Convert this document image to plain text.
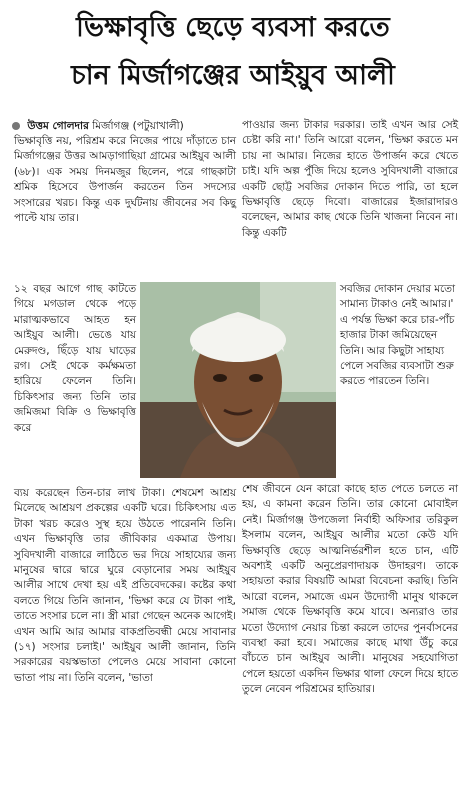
ভিক্ষাবৃত্তি ছেড়ে ব্যবসা করতে
চান মির্জাগঞ্জের আইয়ুব আলী
উত্তম গোলদার মির্জাগঞ্জ (পটুয়াখালী)

ভিক্ষাবৃত্তি নয়, পরিশ্রম করে নিজের পায়ে দাঁড়াতে চান মির্জাগঞ্জের উত্তর আমড়াগাছিয়া গ্রামের আইয়ুব আলী (৬৮)। এক সময় দিনমজুর ছিলেন, পরে গাছকাটা শ্রমিক হিসেবে উপার্জন করতেন তিন সদস্যের সংসারের খরচ। কিন্তু এক দুর্ঘটনায় জীবনের সব কিছু পাল্টে যায় তার।

১২ বছর আগে গাছ কাটতে গিয়ে মগডাল থেকে পড়ে মারাত্মকভাবে আহত হন আইয়ুব আলী। ভেঙে যায় মেরুদণ্ড, ছিঁড়ে যায় ঘাড়ের রগ। সেই থেকে কর্মক্ষমতা হারিয়ে ফেলেন তিনি। চিকিৎসার জন্য তিনি তার জমিজমা বিক্রি ও ভিক্ষাবৃত্তি করে

ব্যয় করেছেন তিন-চার লাখ টাকা। শেষমেশ আশ্রয় মিলেছে আশ্রয়ণ প্রকল্পের একটি ঘরে। চিকিৎসায় এত টাকা খরচ করেও সুস্থ হয়ে উঠতে পারেননি তিনি। এখন ভিক্ষাবৃত্তি তার জীবিকার একমাত্র উপায়। সুবিদখালী বাজারে লাঠিতে ভর দিয়ে সাহায্যের জন্য মানুষের দ্বারে দ্বারে ঘুরে বেড়ানোর সময় আইয়ুব আলীর সাথে দেখা হয় এই প্রতিবেদকের। কষ্টের কথা বলতে গিয়ে তিনি জানান, 'ভিক্ষা করে যে টাকা পাই, তাতে সংসার চলে না। স্ত্রী মারা গেছেন অনেক আগেই। এখন আমি আর আমার বাকপ্রতিবন্ধী মেয়ে সাবানার (১৭) সংসার চলাই।' আইয়ুব আলী জানান, তিনি সরকারের বয়স্কভাতা পেলেও মেয়ে সাবানা কোনো ভাতা পায় না। তিনি বলেন, 'ভাতা

পাওয়ার জন্য টাকার দরকার। তাই এখন আর সেই চেষ্টা করি না।' তিনি আরো বলেন, 'ভিক্ষা করতে মন চায় না আমার। নিজের হাতে উপার্জন করে খেতে চাই। যদি অল্প পুঁজি দিয়ে হলেও সুবিদখালী বাজারে একটি ছোট্ট সবজির দোকান দিতে পারি, তা হলে ভিক্ষাবৃত্তি ছেড়ে দিবো। বাজারের ইজারাদারও বলেছেন, আমার কাছ থেকে তিনি খাজনা নিবেন না। কিন্তু একটি

সবজির দোকান দেয়ার মতো সামান্য টাকাও নেই আমার।' এ পর্যন্ত ভিক্ষা করে চার-পাঁচ হাজার টাকা জমিয়েছেন তিনি। আর কিছুটা সাহায্য পেলে সবজির ব্যবসাটা শুরু করতে পারতেন তিনি।

শেষ জীবনে যেন কারো কাছে হাত পেতে চলতে না হয়, এ কামনা করেন তিনি। তার কোনো মোবাইল নেই। মির্জাগঞ্জ উপজেলা নির্বাহী অফিসার তরিকুল ইসলাম বলেন, আইয়ুব আলীর মতো কেউ যদি ভিক্ষাবৃত্তি ছেড়ে আত্মনির্ভরশীল হতে চান, এটি অবশ্যই একটি অনুপ্রেরণাদায়ক উদাহরণ। তাকে সহায়তা করার বিষয়টি আমরা বিবেচনা করছি। তিনি আরো বলেন, সমাজে এমন উদ্যোগী মানুষ থাকলে সমাজ থেকে ভিক্ষাবৃত্তি কমে যাবে। অন্যরাও তার মতো উদ্যোগ নেয়ার চিন্তা করলে তাদের পুনর্বাসনের ব্যবস্থা করা হবে। সমাজের কাছে মাথা উঁচু করে বাঁচতে চান আইয়ুব আলী। মানুষের সহযোগিতা পেলে হয়তো একদিন ভিক্ষার থালা ফেলে দিয়ে হাতে তুলে নেবেন পরিশ্রমের হাতিয়ার।
